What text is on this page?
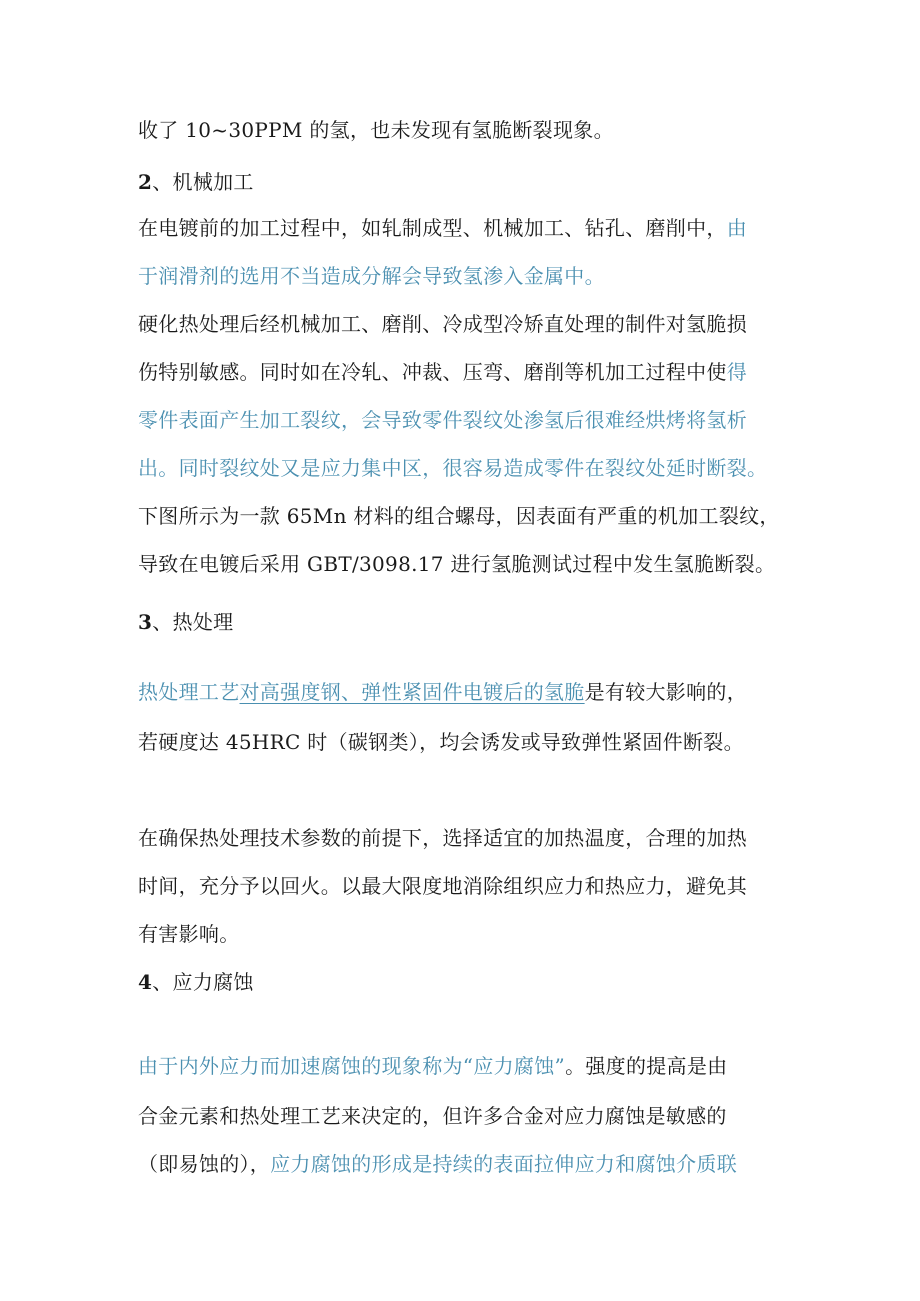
收了 10~30PPM 的氢，也未发现有氢脆断裂现象。
2、机械加工
在电镀前的加工过程中，如轧制成型、机械加工、钻孔、磨削中，由
于润滑剂的选用不当造成分解会导致氢渗入金属中。
硬化热处理后经机械加工、磨削、冷成型冷矫直处理的制件对氢脆损
伤特别敏感。同时如在冷轧、冲裁、压弯、磨削等机加工过程中使得
零件表面产生加工裂纹，会导致零件裂纹处渗氢后很难经烘烤将氢析
出。同时裂纹处又是应力集中区，很容易造成零件在裂纹处延时断裂。
下图所示为一款 65Mn 材料的组合螺母，因表面有严重的机加工裂纹，
导致在电镀后采用 GBT/3098.17 进行氢脆测试过程中发生氢脆断裂。
3、热处理
热处理工艺对高强度钢、弹性紧固件电镀后的氢脆是有较大影响的，
若硬度达 45HRC 时（碳钢类），均会诱发或导致弹性紧固件断裂。
在确保热处理技术参数的前提下，选择适宜的加热温度，合理的加热
时间，充分予以回火。以最大限度地消除组织应力和热应力，避免其
有害影响。
4、应力腐蚀
由于内外应力而加速腐蚀的现象称为“应力腐蚀”。强度的提高是由
合金元素和热处理工艺来决定的，但许多合金对应力腐蚀是敏感的
（即易蚀的），应力腐蚀的形成是持续的表面拉伸应力和腐蚀介质联
